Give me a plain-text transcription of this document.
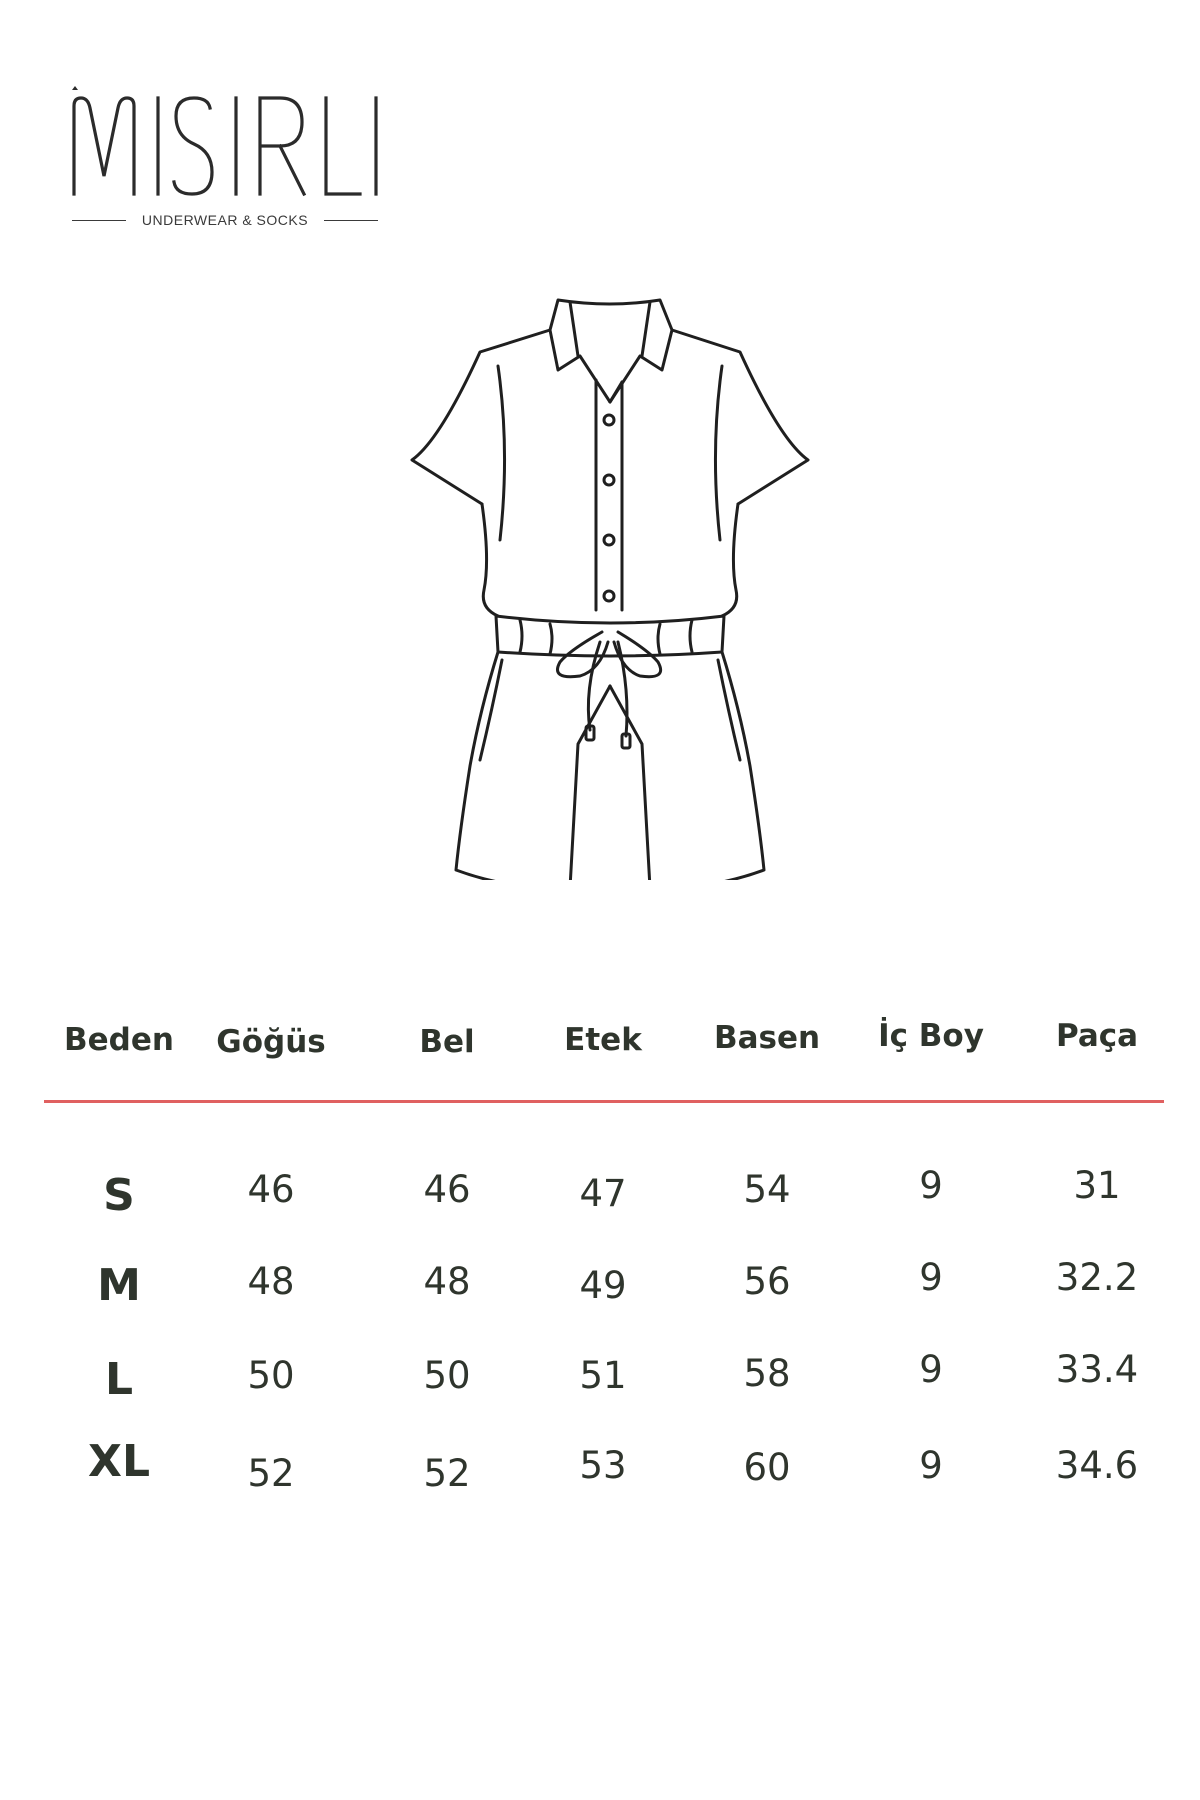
UNDERWEAR & SOCKS
Beden	Göğüs	Bel	Etek	Basen	İç Boy	Paça
S	46	46	47	54	9	31
M	48	48	49	56	9	32.2
L	50	50	51	58	9	33.4
XL	52	52	53	60	9	34.6
